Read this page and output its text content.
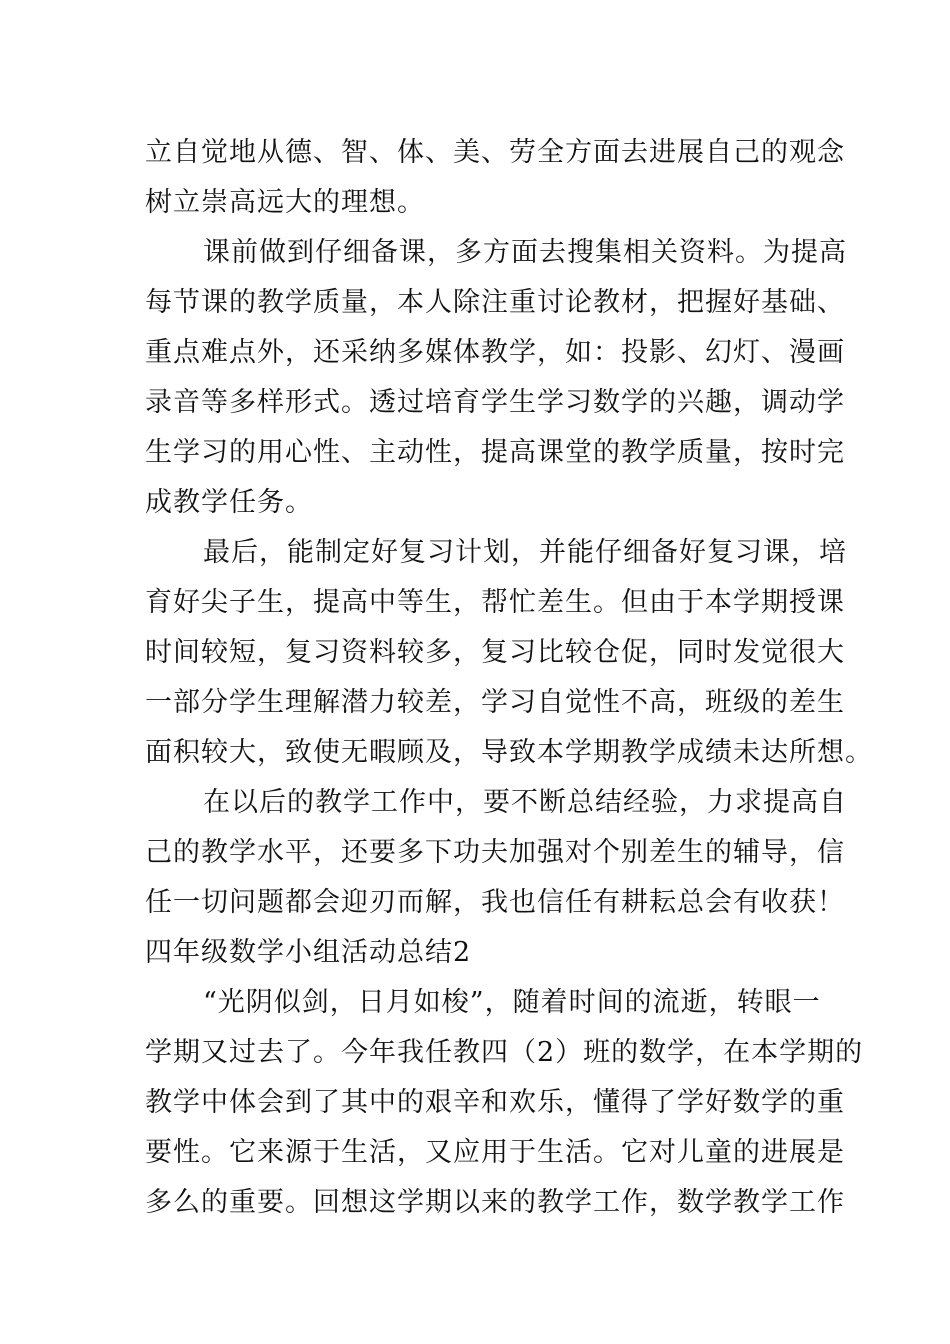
立自觉地从德、智、体、美、劳全方面去进展自己的观念
树立崇高远大的理想。
课前做到仔细备课，多方面去搜集相关资料。为提高
每节课的教学质量，本人除注重讨论教材，把握好基础、
重点难点外，还采纳多媒体教学，如：投影、幻灯、漫画
录音等多样形式。透过培育学生学习数学的兴趣，调动学
生学习的用心性、主动性，提高课堂的教学质量，按时完
成教学任务。
最后，能制定好复习计划，并能仔细备好复习课，培
育好尖子生，提高中等生，帮忙差生。但由于本学期授课
时间较短，复习资料较多，复习比较仓促，同时发觉很大
一部分学生理解潜力较差，学习自觉性不高，班级的差生
面积较大，致使无暇顾及，导致本学期教学成绩未达所想。
在以后的教学工作中，要不断总结经验，力求提高自
己的教学水平，还要多下功夫加强对个别差生的辅导，信
任一切问题都会迎刃而解，我也信任有耕耘总会有收获！
四年级数学小组活动总结2
“光阴似剑，日月如梭”，随着时间的流逝，转眼一
学期又过去了。今年我任教四（2）班的数学，在本学期的
教学中体会到了其中的艰辛和欢乐，懂得了学好数学的重
要性。它来源于生活，又应用于生活。它对儿童的进展是
多么的重要。回想这学期以来的教学工作，数学教学工作
